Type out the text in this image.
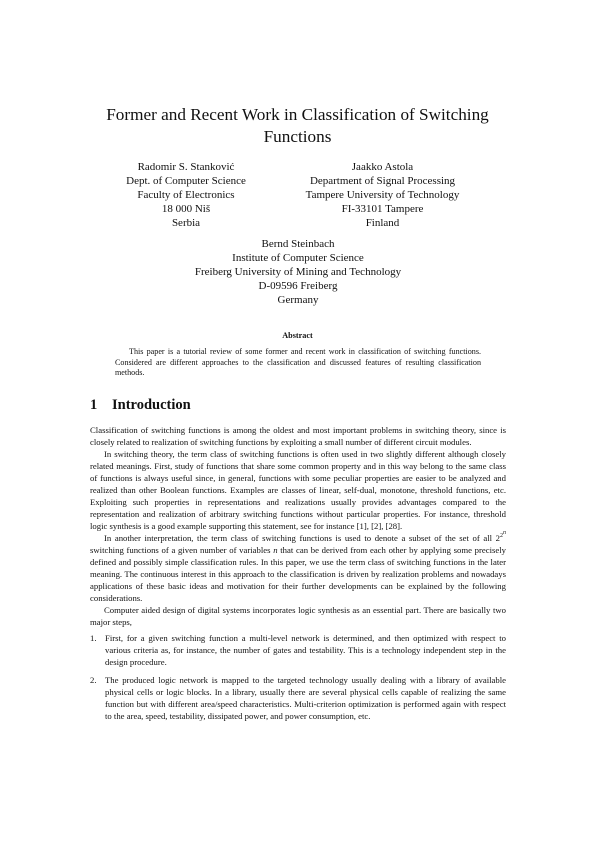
Former and Recent Work in Classification of Switching Functions
Radomir S. Stanković
Dept. of Computer Science
Faculty of Electronics
18 000 Niš
Serbia
Jaakko Astola
Department of Signal Processing
Tampere University of Technology
FI-33101 Tampere
Finland
Bernd Steinbach
Institute of Computer Science
Freiberg University of Mining and Technology
D-09596 Freiberg
Germany
Abstract

This paper is a tutorial review of some former and recent work in classification of switching functions. Considered are different approaches to the classification and discussed features of resulting classification methods.

1 Introduction

Classification of switching functions is among the oldest and most important problems in switching theory, since is closely related to realization of switching functions by exploiting a small number of different circuit modules.

In switching theory, the term class of switching functions is often used in two slightly different although closely related meanings. First, study of functions that share some common property and in this way belong to the same class of functions is always useful since, in general, functions with some peculiar properties are easier to be analyzed and realized than other Boolean functions. Examples are classes of linear, self-dual, monotone, threshold functions, etc. Exploiting such properties in representations and realizations usually provides advantages compared to the representation and realization of arbitrary switching functions without particular properties. For instance, threshold logic synthesis is a good example supporting this statement, see for instance [1], [2], [28].

In another interpretation, the term class of switching functions is used to denote a subset of the set of all $2^{2^n}$ switching functions of a given number of variables n that can be derived from each other by applying some precisely defined and possibly simple classification rules. In this paper, we use the term class of switching functions in the later meaning. The continuous interest in this approach to the classification is driven by realization problems and nowadays applications of these basic ideas and motivation for their further developments can be explained by the following considerations.

Computer aided design of digital systems incorporates logic synthesis as an essential part. There are basically two major steps,

1. First, for a given switching function a multi-level network is determined, and then optimized with respect to various criteria as, for instance, the number of gates and testability. This is a technology independent step in the design procedure.
2. The produced logic network is mapped to the targeted technology usually dealing with a library of available physical cells or logic blocks. In a library, usually there are several physical cells capable of realizing the same function but with different area/speed characteristics. Multi-criterion optimization is performed again with respect to the area, speed, testability, dissipated power, and power consumption, etc.
